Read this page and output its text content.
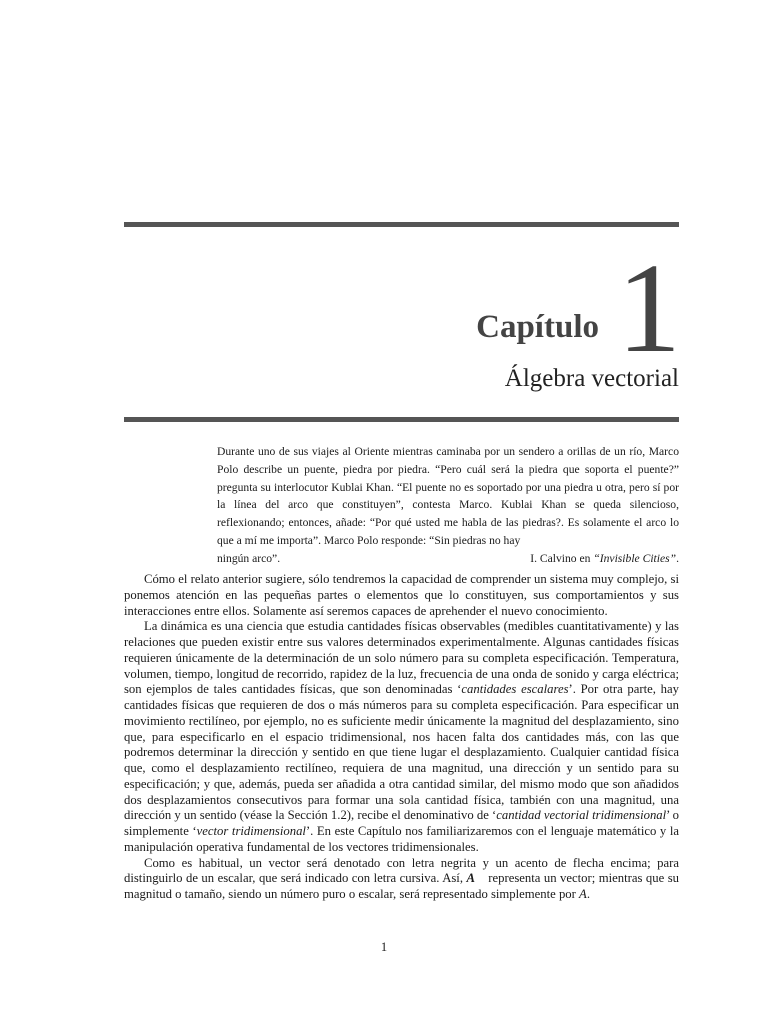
Capítulo 1
Álgebra vectorial
Durante uno de sus viajes al Oriente mientras caminaba por un sendero a orillas de un río, Marco Polo describe un puente, piedra por piedra. “Pero cuál será la piedra que soporta el puente?” pregunta su interlocutor Kublai Khan. “El puente no es soportado por una piedra u otra, pero sí por la línea del arco que constituyen”, contesta Marco. Kublai Khan se queda silencioso, reflexionando; entonces, añade: “Por qué usted me habla de las piedras?. Es solamente el arco lo que a mí me importa”. Marco Polo responde: “Sin piedras no hay
ningún arco”.	I. Calvino en “Invisible Cities”.

Cómo el relato anterior sugiere, sólo tendremos la capacidad de comprender un sistema muy complejo, si ponemos atención en las pequeñas partes o elementos que lo constituyen, sus comportamientos y sus interacciones entre ellos. Solamente así seremos capaces de aprehender el nuevo conocimiento.

La dinámica es una ciencia que estudia cantidades físicas observables (medibles cuantitativamente) y las relaciones que pueden existir entre sus valores determinados experimentalmente. Algunas cantidades físicas requieren únicamente de la determinación de un solo número para su completa especificación. Temperatura, volumen, tiempo, longitud de recorrido, rapidez de la luz, frecuencia de una onda de sonido y carga eléctrica; son ejemplos de tales cantidades físicas, que son denominadas ‘cantidades escalares’. Por otra parte, hay cantidades físicas que requieren de dos o más números para su completa especificación. Para especificar un movimiento rectilíneo, por ejemplo, no es suficiente medir únicamente la magnitud del desplazamiento, sino que, para especificarlo en el espacio tridimensional, nos hacen falta dos cantidades más, con las que podremos determinar la dirección y sentido en que tiene lugar el desplazamiento. Cualquier cantidad física que, como el desplazamiento rectilíneo, requiera de una magnitud, una dirección y un sentido para su especificación; y que, además, pueda ser añadida a otra cantidad similar, del mismo modo que son añadidos dos desplazamientos consecutivos para formar una sola cantidad física, también con una magnitud, una dirección y un sentido (véase la Sección 1.2), recibe el denominativo de ‘cantidad vectorial tridimensional’ o simplemente ‘vector tridimensional’. En este Capítulo nos familiarizaremos con el lenguaje matemático y la manipulación operativa fundamental de los vectores tridimensionales.

Como es habitual, un vector será denotado con letra negrita y un acento de flecha encima; para distinguirlo de un escalar, que será indicado con letra cursiva. Así, A⃗ representa un vector; mientras que su magnitud o tamaño, siendo un número puro o escalar, será representado simplemente por A.

1
